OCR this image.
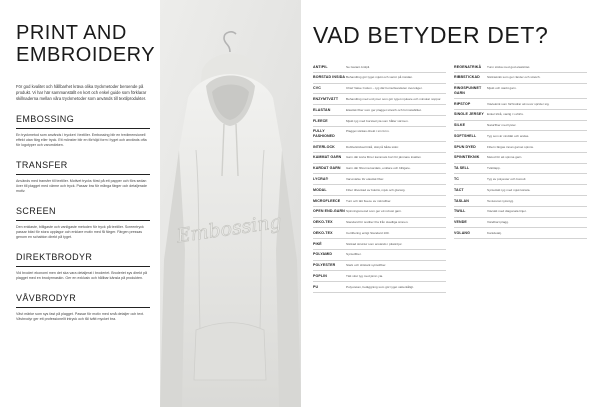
PRINT AND
EMBROIDERY

För god kvalitet och hållbarhet kräva olika tryckmetoder beroende på produkt. Vi har här sammanställt en kort och enkel guide som förklarar skillnaderna mellan våra tryckmetoder som används till textilprodukter.

EMBOSSING

En tryckmetod som används i tryckeri i textilier. Embossing blir en tredimensionell effekt utan färg eller tryck. Ett mönster blir en förhöjd form i tyget och används ofta för logotyper och varumärken.

TRANSFER

Används med transfer till textilier. Motivet trycks först på ett papper och förs sedan över till plagget med värme och tryck. Passar bra för många färger och detaljerade motiv.

SCREEN

Den enklaste, billigaste och vanligaste metoden för tryck på textilier. Screentryck passar bäst för stora upplagor och enklare motiv med få färger. Färgen pressas genom en schablon direkt på tyget.

DIREKTBRODYR

Vid broderi ekonomi men det ska vara detaljerat i broderiet. Broderiet sys direkt på plagget med en brodyrmaskin. Ger en exklusiv och hållbar känsla på produkten.

VÅVBRODYR

Vävt märke som sys fast på plagget. Passar för motiv med små detaljer och text. Vävbrodyr ger ett professionellt intryck och tål tvätt mycket bra.

Embossing
VAD BETYDER DET?
ANTIPIL	Se Garant Antipil.
BORSTAD INSIDA Behandling gör tyget mjukt och varmt på insidan.
CVC	Chief Value Cotton – tyg där bomullsandelen överväger.
ENZYMTVÄTT	Behandling med enzymer som gör tyget mjukare och minskar noppor.
ELASTAN	Elastisk fiber som ger plagget stretch och formstabilitet.
FLEECE	Mjukt tyg med borstad yta som håller värmen.
FULLY FASHIONED
Plagget stickas direkt i sin form.
INTERLOCK	Dubbelstickad trikå, slät på båda sidor.
KAMMAT GARN	Garn där korta fibrer kammats bort för jämnare kvalitet.
KARDAT GARN	Garn där fibrerna kardats, enklare och billigare.
LYCRA®	Varumärke för elastisk fiber.
MODAL	Fiber tillverkad av bokträ, mjuk och glansig.
MICROFLEECE	Tunt och lätt fleece av mikrofiber.
OPEN END-GARN Spinningsmetod som ger ett robust garn.
OEKO-TEX	Standard för textilier fria från skadliga ämnen.
OEKO-TEX	Certifiering enligt Standard 100.
PIKÉ	Stickad struktur som används i pikétröjor.
POLYAMID	Syntetfiber.
POLYESTER	Stark och slitstark syntetfiber.
POPLIN	Tätt vävt tyg med jämn yta.
PU	Polyuretan, beläggning som gör tyget vattentåligt.
REGENATRIKÅ	Tunn sticka med god elasticitet.
RIBBSTICKAD	Stickteknik som ger ränder och stretch.
RINGSPUNNET GARN
Mjukt och starkt garn.
RIPSTOP	Vävteknik som förhindrar att revor sprider sig.
SINGLE JERSEY	Enkel trikå, vanlig i t-shirts.
SILKE	Naturfiber med lyster.
SOFTSHELL	Tyg som är vindtätt och andas.
SPUN DYED	Fibern färgas innan garnet spinns.
SPINNTEKNIK	Metod för att spinna garn.
TA SELL	Tvättlapp.
TC	Tyg av polyester och bomull.
TACT	Syntetiskt tyg med mjuk känsla.
TASLAN	Texturerat nylontyg.
TWILL	Vävsätt med diagonala linjer.
VENDE	Vändbart plagg.
VOLANG	Kantdetalj.
